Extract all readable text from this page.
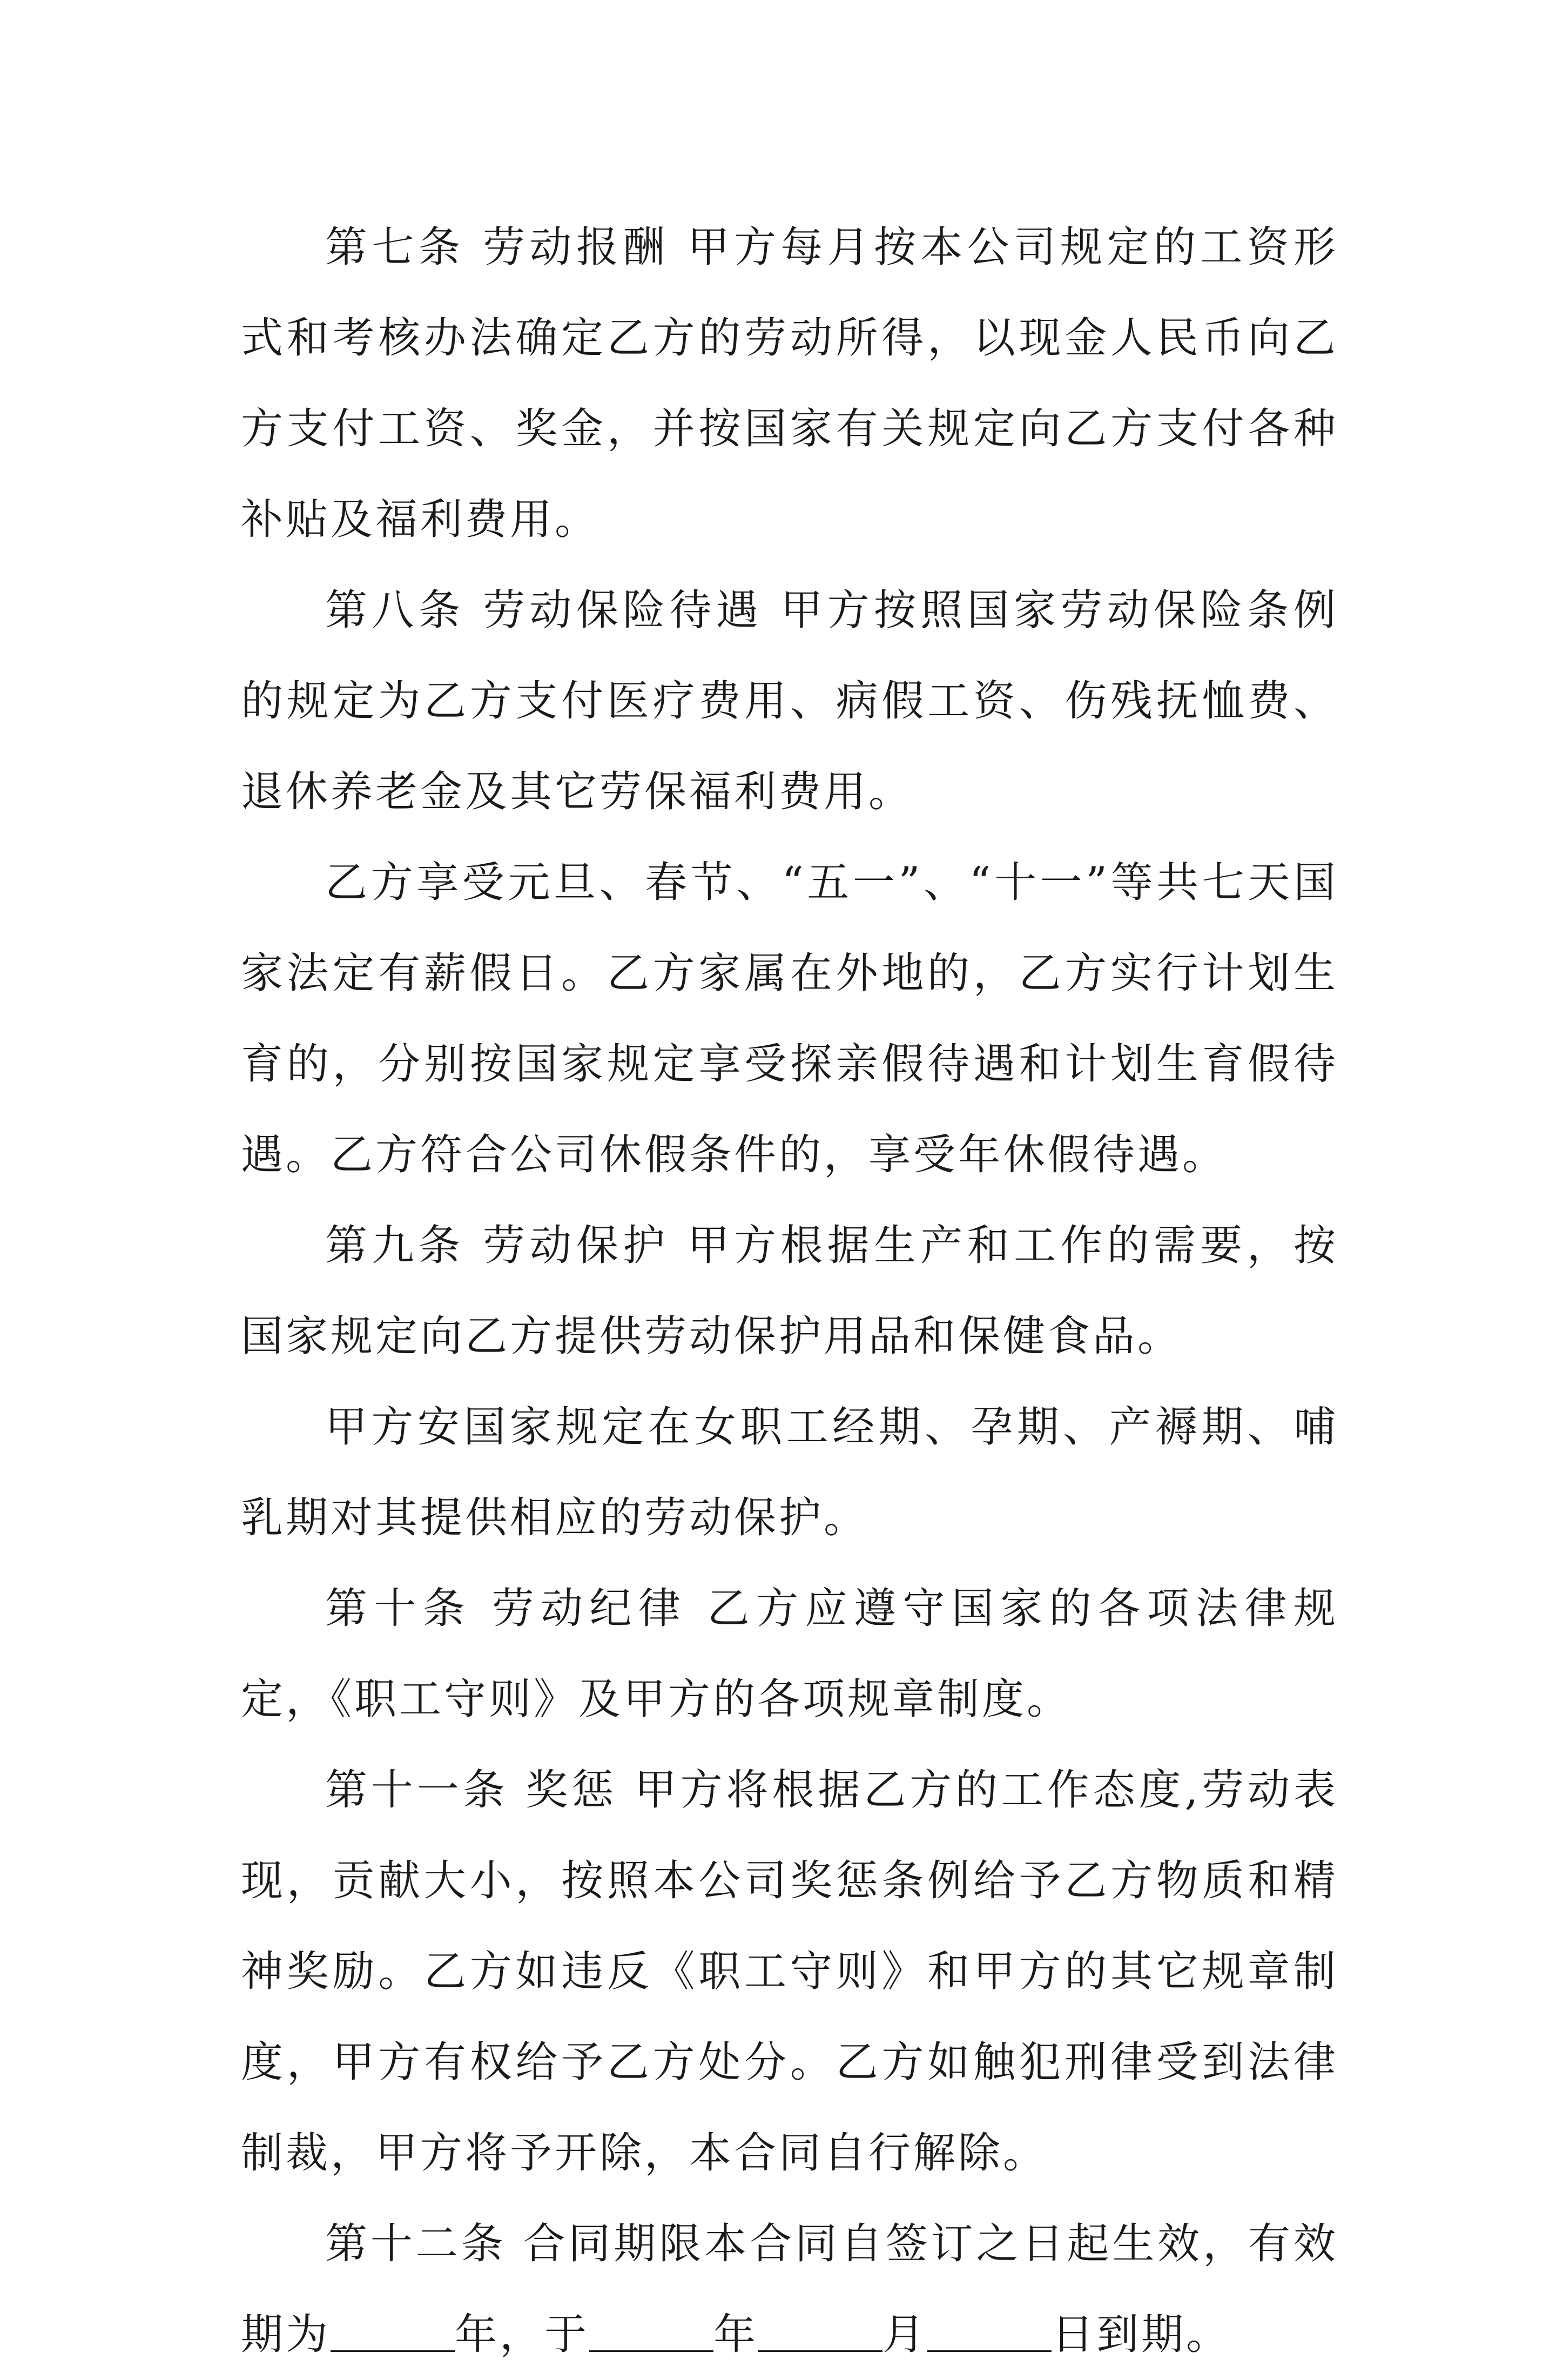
第七条 劳动报酬 甲方每月按本公司规定的工资形式和考核办法确定乙方的劳动所得，以现金人民币向乙方支付工资、奖金，并按国家有关规定向乙方支付各种补贴及福利费用。

第八条 劳动保险待遇 甲方按照国家劳动保险条例的规定为乙方支付医疗费用、病假工资、伤残抚恤费、退休养老金及其它劳保福利费用。

乙方享受元旦、春节、“五一”、“十一”等共七天国家法定有薪假日。乙方家属在外地的，乙方实行计划生育的，分别按国家规定享受探亲假待遇和计划生育假待遇。乙方符合公司休假条件的，享受年休假待遇。

第九条 劳动保护 甲方根据生产和工作的需要，按国家规定向乙方提供劳动保护用品和保健食品。

甲方安国家规定在女职工经期、孕期、产褥期、哺乳期对其提供相应的劳动保护。

第十条 劳动纪律 乙方应遵守国家的各项法律规定，《职工守则》及甲方的各项规章制度。

第十一条 奖惩 甲方将根据乙方的工作态度,劳动表现，贡献大小，按照本公司奖惩条例给予乙方物质和精神奖励。乙方如违反《职工守则》和甲方的其它规章制度，甲方有权给予乙方处分。乙方如触犯刑律受到法律制裁，甲方将予开除，本合同自行解除。

第十二条 合同期限本合同自签订之日起生效，有效期为	年，于	年	月	日到期。
